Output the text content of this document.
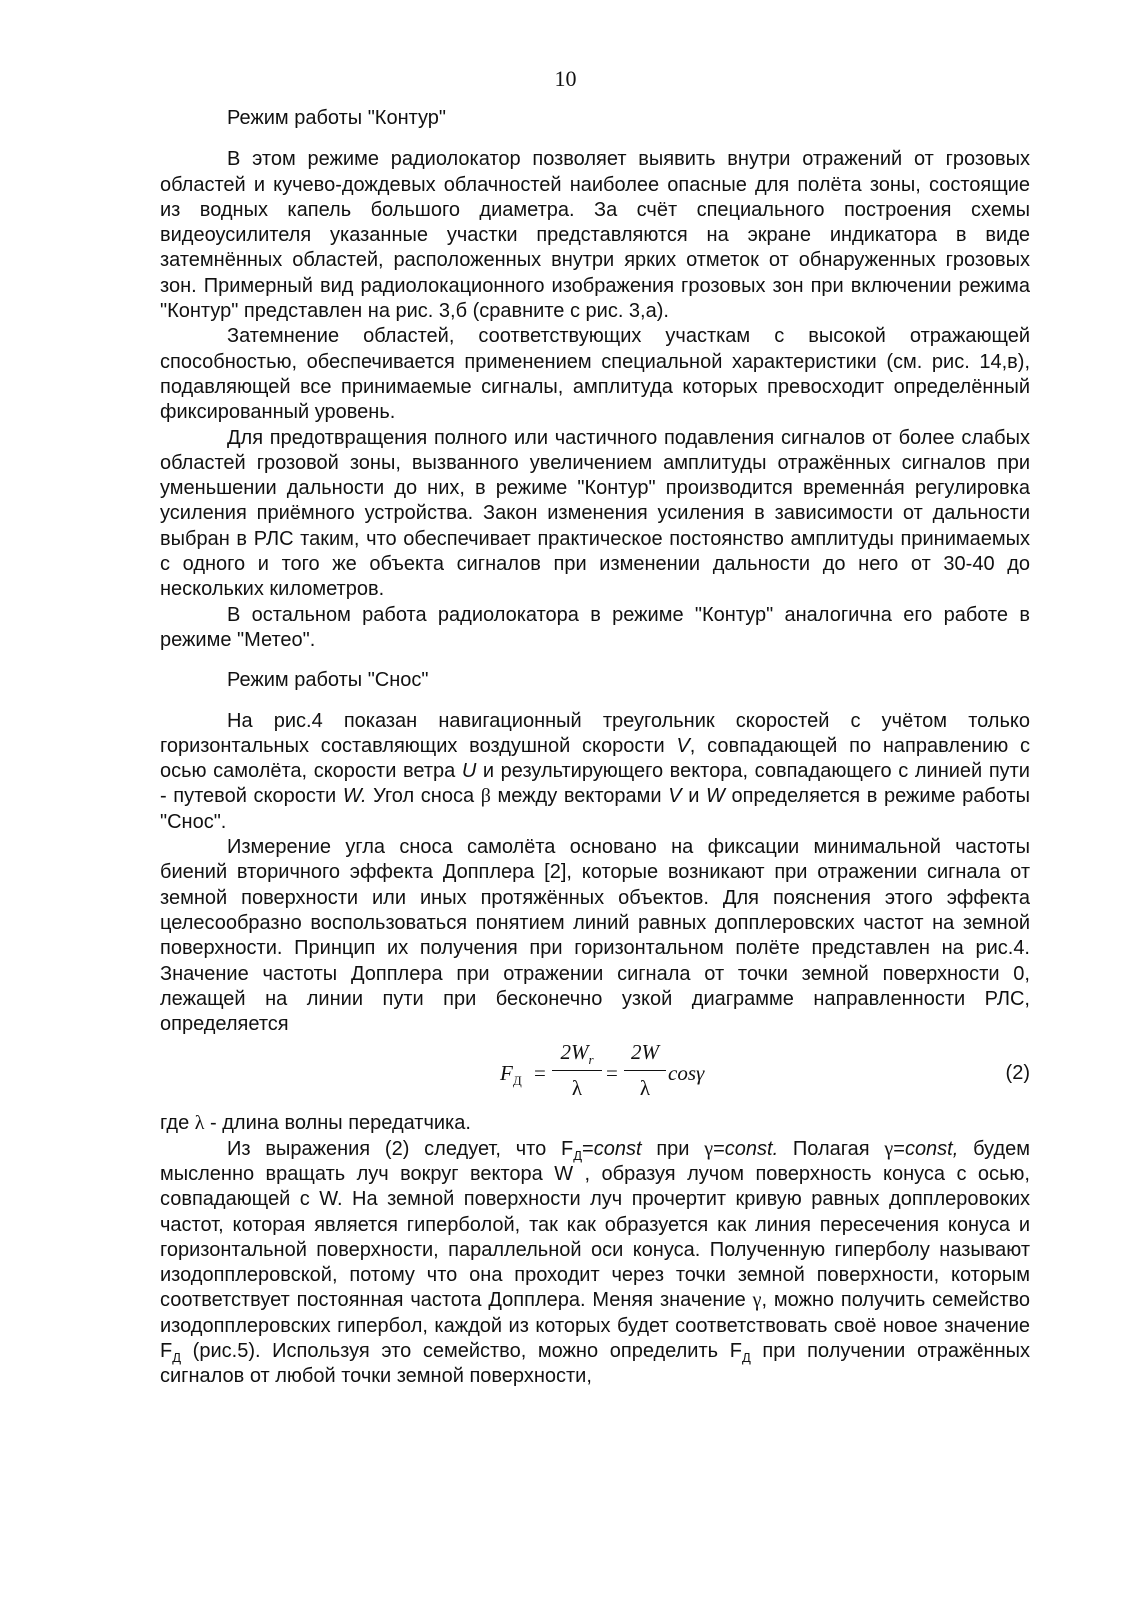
10
Режим работы "Контур"

В этом режиме радиолокатор позволяет выявить внутри отражений от грозовых областей и кучево-дождевых облачностей наиболее опасные для полёта зоны, состоящие из водных капель большого диаметра. За счёт специального построения схемы видеоусилителя указанные участки представляются на экране индикатора в виде затемнённых областей, расположенных внутри ярких отметок от обнаруженных грозовых зон. Примерный вид радиолокационного изображения грозовых зон при включении режима "Контур" представлен на рис. 3,б (сравните с рис. 3,а).

Затемнение областей, соответствующих участкам с высокой отражающей способностью, обеспечивается применением специальной характеристики (см. рис. 14,в), подавляющей все принимаемые сигналы, амплитуда которых превосходит определённый фиксированный уровень.

Для предотвращения полного или частичного подавления сигналов от более слабых областей грозовой зоны, вызванного увеличением амплитуды отражённых сигналов при уменьшении дальности до них, в режиме "Контур" производится временна́я регулировка усиления приёмного устройства. Закон изменения усиления в зависимости от дальности выбран в РЛС таким, что обеспечивает практическое постоянство амплитуды принимаемых с одного и того же объекта сигналов при изменении дальности до него от 30-40 до нескольких километров.

В остальном работа радиолокатора в режиме "Контур" аналогична его работе в режиме "Метео".

Режим работы "Снос"

На рис.4 показан навигационный треугольник скоростей с учётом только горизонтальных составляющих воздушной скорости V, совпадающей по направлению с осью самолёта, скорости ветра U и результирующего вектора, совпадающего с линией пути - путевой скорости W. Угол сноса β между векторами V и W определяется в режиме работы "Снос".

Измерение угла сноса самолёта основано на фиксации минимальной частоты биений вторичного эффекта Допплера [2], которые возникают при отражении сигнала от земной поверхности или иных протяжённых объектов. Для пояснения этого эффекта целесообразно воспользоваться понятием линий равных допплеровских частот на земной поверхности. Принцип их получения при горизонтальном полёте представлен на рис.4. Значение частоты Допплера при отражении сигнала от точки земной поверхности 0, лежащей на линии пути при бесконечно узкой диаграмме направленности РЛС, определяется

$F_Д$ =
$2W_r$
λ
=
2W
λ
cosγ	(2)

где λ - длина волны передатчика.

Из выражения (2) следует, что $F_Д=const$ при γ=const. Полагая γ=const, будем мысленно вращать луч вокруг вектора W , образуя лучом поверхность конуса с осью, совпадающей с W. На земной поверхности луч прочертит кривую равных допплеровоких частот, которая является гиперболой, так как образуется как линия пересечения конуса и горизонтальной поверхности, параллельной оси конуса. Полученную гиперболу называют изодопплеровской, потому что она проходит через точки земной поверхности, которым соответствует постоянная частота Допплера. Меняя значение γ, можно получить семейство изодопплеровских гипербол, каждой из которых будет соответствовать своё новое значение $F_Д$ (рис.5). Используя это семейство, можно определить $F_Д$ при получении отражённых сигналов от любой точки земной поверхности,
